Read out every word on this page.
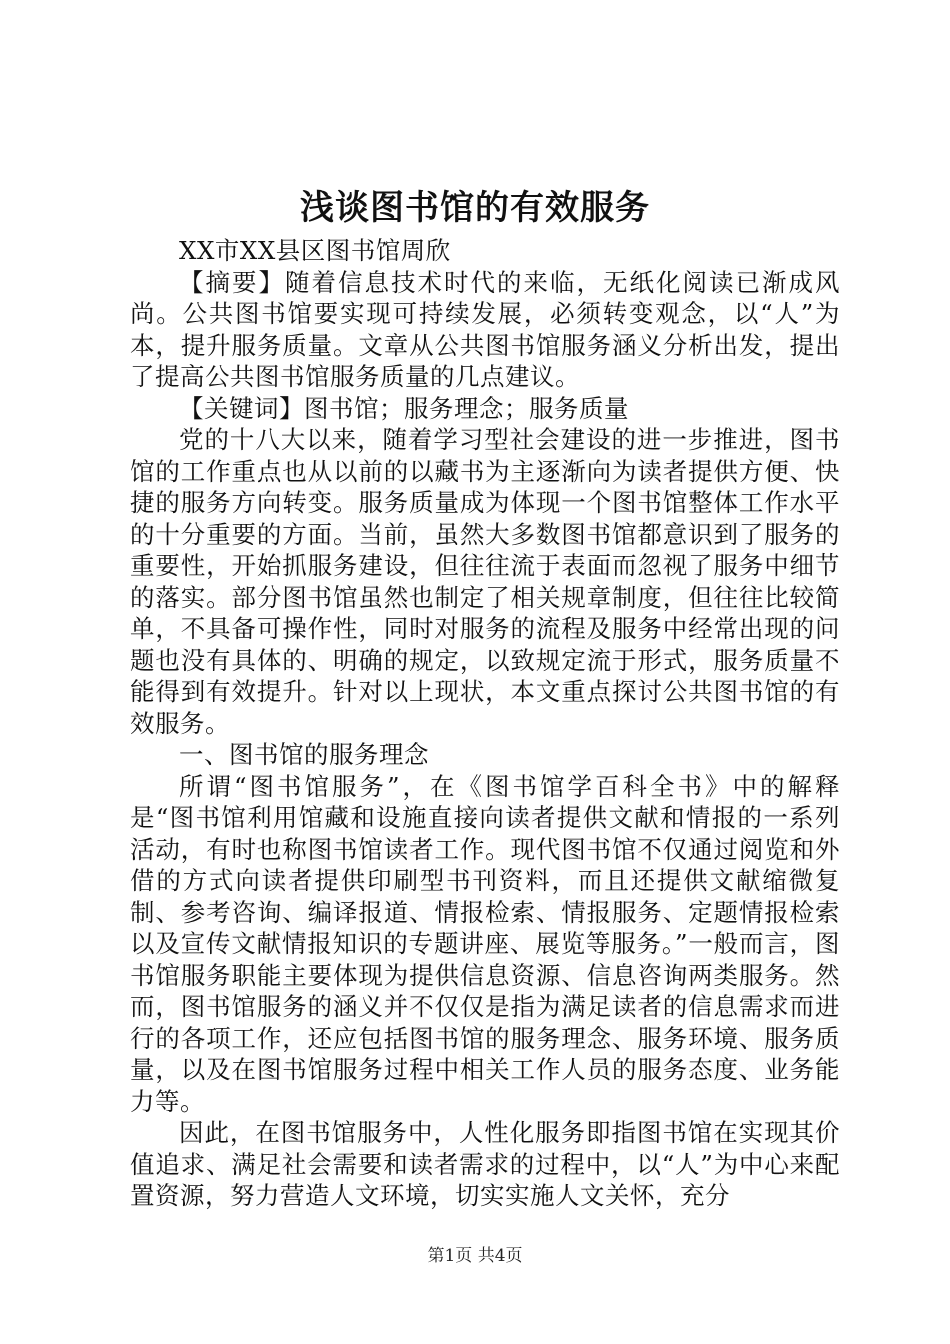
浅谈图书馆的有效服务

XX市XX县区图书馆周欣

【摘要】随着信息技术时代的来临，无纸化阅读已渐成风尚。公共图书馆要实现可持续发展，必须转变观念，以“人”为本，提升服务质量。文章从公共图书馆服务涵义分析出发，提出了提高公共图书馆服务质量的几点建议。

【关键词】图书馆；服务理念；服务质量

党的十八大以来，随着学习型社会建设的进一步推进，图书馆的工作重点也从以前的以藏书为主逐渐向为读者提供方便、快捷的服务方向转变。服务质量成为体现一个图书馆整体工作水平的十分重要的方面。当前，虽然大多数图书馆都意识到了服务的重要性，开始抓服务建设，但往往流于表面而忽视了服务中细节的落实。部分图书馆虽然也制定了相关规章制度，但往往比较简单，不具备可操作性，同时对服务的流程及服务中经常出现的问题也没有具体的、明确的规定，以致规定流于形式，服务质量不能得到有效提升。针对以上现状，本文重点探讨公共图书馆的有效服务。

一、图书馆的服务理念

所谓“图书馆服务”，在《图书馆学百科全书》中的解释是“图书馆利用馆藏和设施直接向读者提供文献和情报的一系列活动，有时也称图书馆读者工作。现代图书馆不仅通过阅览和外借的方式向读者提供印刷型书刊资料，而且还提供文献缩微复制、参考咨询、编译报道、情报检索、情报服务、定题情报检索以及宣传文献情报知识的专题讲座、展览等服务。”一般而言，图书馆服务职能主要体现为提供信息资源、信息咨询两类服务。然而，图书馆服务的涵义并不仅仅是指为满足读者的信息需求而进行的各项工作，还应包括图书馆的服务理念、服务环境、服务质量，以及在图书馆服务过程中相关工作人员的服务态度、业务能力等。

因此，在图书馆服务中，人性化服务即指图书馆在实现其价值追求、满足社会需要和读者需求的过程中，以“人”为中心来配置资源，努力营造人文环境，切实实施人文关怀，充分

第1页 共4页
